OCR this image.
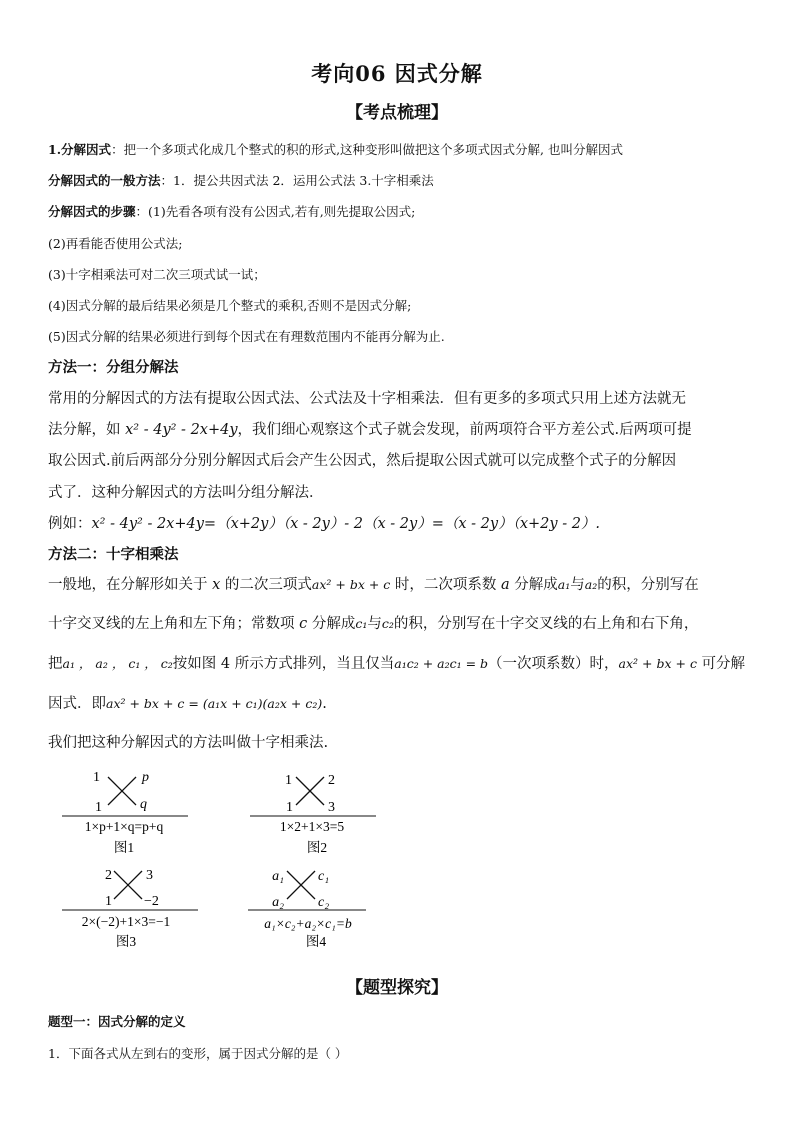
考向06 因式分解
【考点梳理】
1.分解因式：把一个多项式化成几个整式的积的形式,这种变形叫做把这个多项式因式分解, 也叫分解因式
分解因式的一般方法：1．提公共因式法 2．运用公式法 3.十字相乘法
分解因式的步骤：(1)先看各项有没有公因式,若有,则先提取公因式;
(2)再看能否使用公式法;
(3)十字相乘法可对二次三项式试一试；
(4)因式分解的最后结果必须是几个整式的乘积,否则不是因式分解;
(5)因式分解的结果必须进行到每个因式在有理数范围内不能再分解为止.
方法一：分组分解法
常用的分解因式的方法有提取公因式法、公式法及十字相乘法．但有更多的多项式只用上述方法就无
法分解，如 x² - 4y² - 2x+4y，我们细心观察这个式子就会发现，前两项符合平方差公式.后两项可提
取公因式.前后两部分分别分解因式后会产生公因式，然后提取公因式就可以完成整个式子的分解因
式了．这种分解因式的方法叫分组分解法．
例如：x² - 4y² - 2x+4y=（x+2y）（x - 2y）- 2（x - 2y）=（x - 2y）（x+2y - 2）.
方法二：十字相乘法
一般地，在分解形如关于 x 的二次三项式ax² + bx + c 时，二次项系数 a 分解成a₁与a₂的积，分别写在
十字交叉线的左上角和左下角；常数项 c 分解成c₁与c₂的积，分别写在十字交叉线的右上角和右下角，
把a₁ ， a₂ ， c₁ ， c₂按如图 4 所示方式排列，当且仅当a₁c₂ + a₂c₁ = b（一次项系数）时，ax² + bx + c 可分解
因式．即ax² + bx + c = (a₁x + c₁)(a₂x + c₂).
我们把这种分解因式的方法叫做十字相乘法.
1	p
1	q
1×p+1×q=p+q
图1
1	2
1	3
1×2+1×3=5
图2
2 3
1 −2
2×(−2)+1×3=−1
图3
a₁ c₁
a₂ c₂
a₁×c₂+a₂×c₁=b
图4
【题型探究】
题型一：因式分解的定义
1．下面各式从左到右的变形，属于因式分解的是（ ）
